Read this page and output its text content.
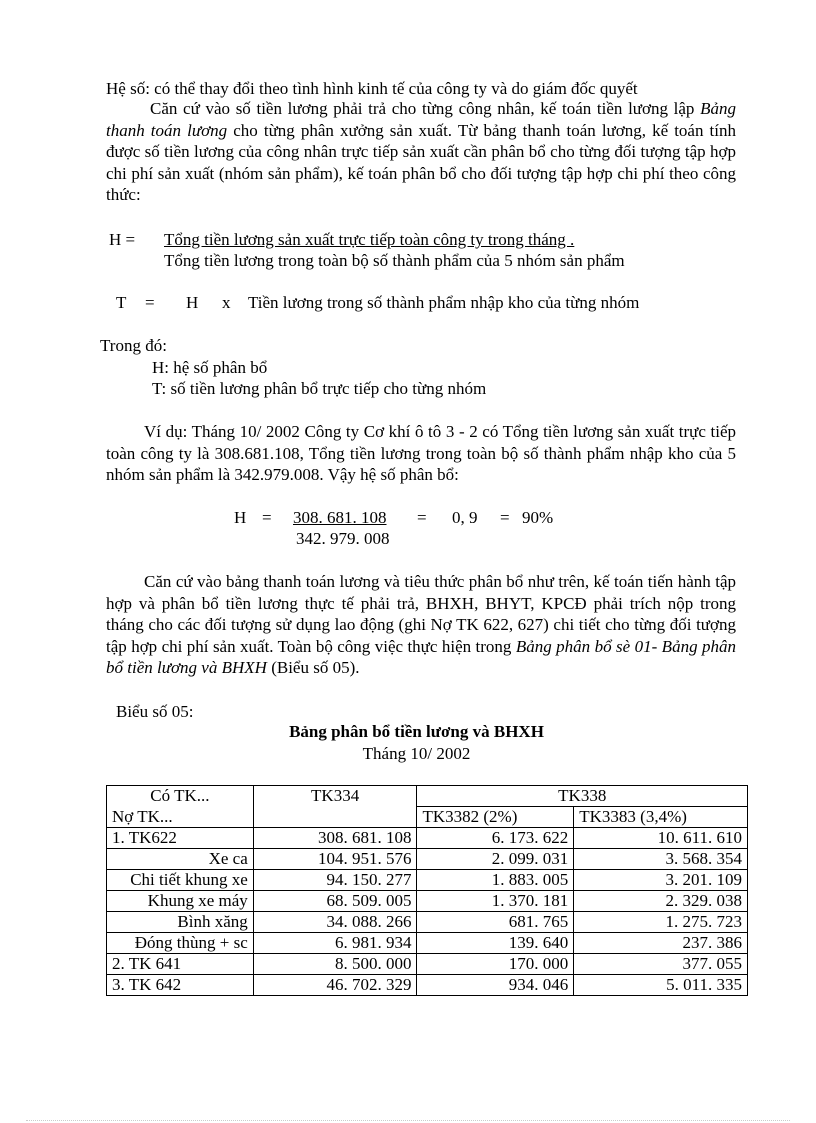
Hệ số: có thể thay đổi theo tình hình kinh tế của công ty và do giám đốc quyết
Căn cứ vào số tiền lương phải trả cho từng công nhân, kế toán tiền lương lập Bảng thanh toán lương cho từng phân xưởng sản xuất. Từ bảng thanh toán lương, kế toán tính được số tiền lương của công nhân trực tiếp sản xuất cần phân bổ cho từng đối tượng tập hợp chi phí sản xuất (nhóm sản phẩm), kế toán phân bổ cho đối tượng tập hợp chi phí theo công thức:
H = Tổng tiền lương sản xuất trực tiếp toàn công ty trong tháng .
Tổng tiền lương trong toàn bộ số thành phẩm của 5 nhóm sản phẩm
T = H x Tiền lương trong số thành phẩm nhập kho của từng nhóm
Trong đó:
H: hệ số phân bổ
T: số tiền lương phân bổ trực tiếp cho từng nhóm
Ví dụ: Tháng 10/ 2002 Công ty Cơ khí ô tô 3 - 2 có Tổng tiền lương sản xuất trực tiếp toàn công ty là 308.681.108, Tổng tiền lương trong toàn bộ số thành phẩm nhập kho của 5 nhóm sản phẩm là 342.979.008. Vậy hệ số phân bổ:
H = 308. 681. 108
342. 979. 008
= 0, 9 = 90%
Căn cứ vào bảng thanh toán lương và tiêu thức phân bổ như trên, kế toán tiến hành tập hợp và phân bổ tiền lương thực tế phải trả, BHXH, BHYT, KPCĐ phải trích nộp trong tháng cho các đối tượng sử dụng lao động (ghi Nợ TK 622, 627) chi tiết cho từng đối tượng tập hợp chi phí sản xuất. Toàn bộ công việc thực hiện trong Bảng phân bổ sè 01- Bảng phân bổ tiền lương và BHXH (Biểu số 05).
Biểu số 05:
Bảng phân bổ tiền lương và BHXH
Tháng 10/ 2002
Có TK...	TK334	TK338	
Nợ TK...		TK3382 (2%)	TK3383 (3,4%)
1. TK622	308. 681. 108	6. 173. 622	10. 611. 610
Xe ca	104. 951. 576	2. 099. 031	3. 568. 354
Chi tiết khung xe	94. 150. 277	1. 883. 005	3. 201. 109
Khung xe máy	68. 509. 005	1. 370. 181	2. 329. 038
Bình xăng	34. 088. 266	681. 765	1. 275. 723
Đóng thùng + sc	6. 981. 934	139. 640	237. 386
2. TK 641	8. 500. 000	170. 000	377. 055
3. TK 642	46. 702. 329	934. 046	5. 011. 335
